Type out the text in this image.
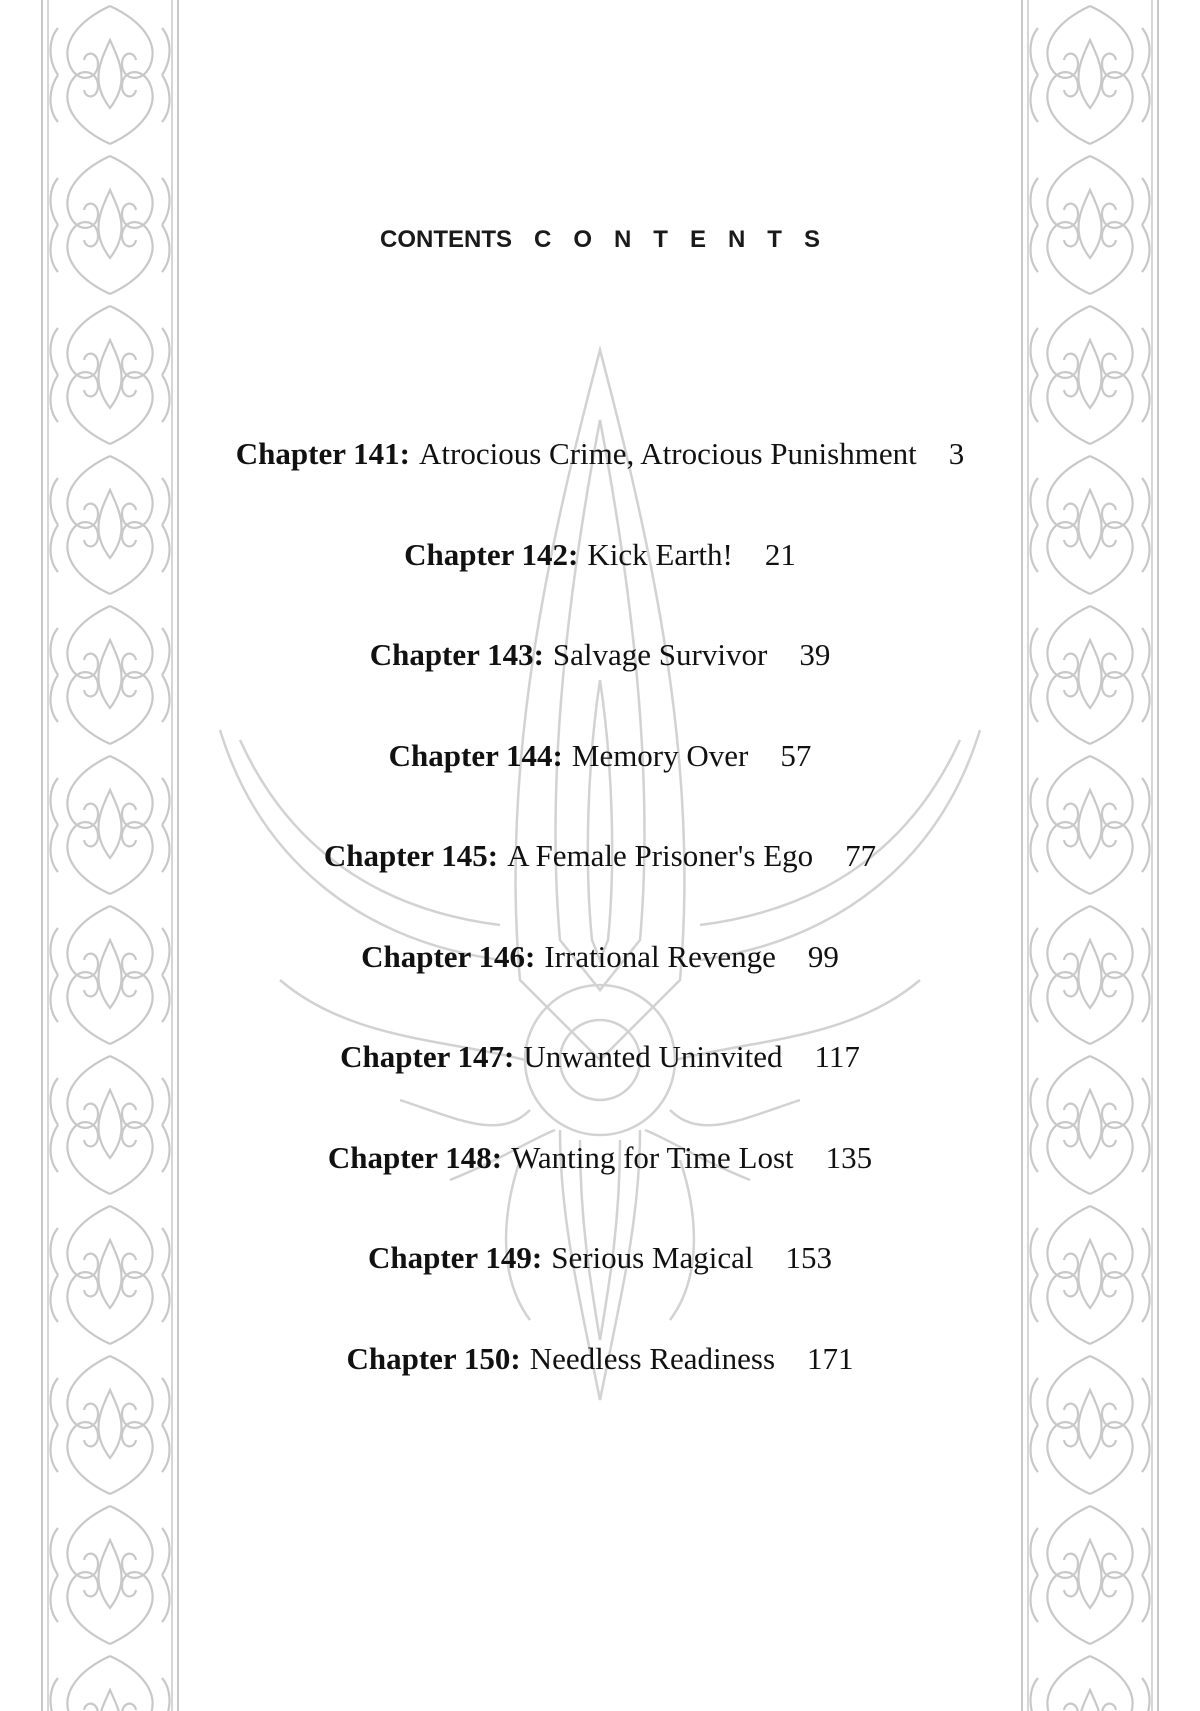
CONTENTS C O N T E N T S
Chapter 141: Atrocious Crime, Atrocious Punishment 3
Chapter 142: Kick Earth! 21
Chapter 143: Salvage Survivor 39
Chapter 144: Memory Over 57
Chapter 145: A Female Prisoner's Ego 77
Chapter 146: Irrational Revenge 99
Chapter 147: Unwanted Uninvited 117
Chapter 148: Wanting for Time Lost 135
Chapter 149: Serious Magical 153
Chapter 150: Needless Readiness 171
